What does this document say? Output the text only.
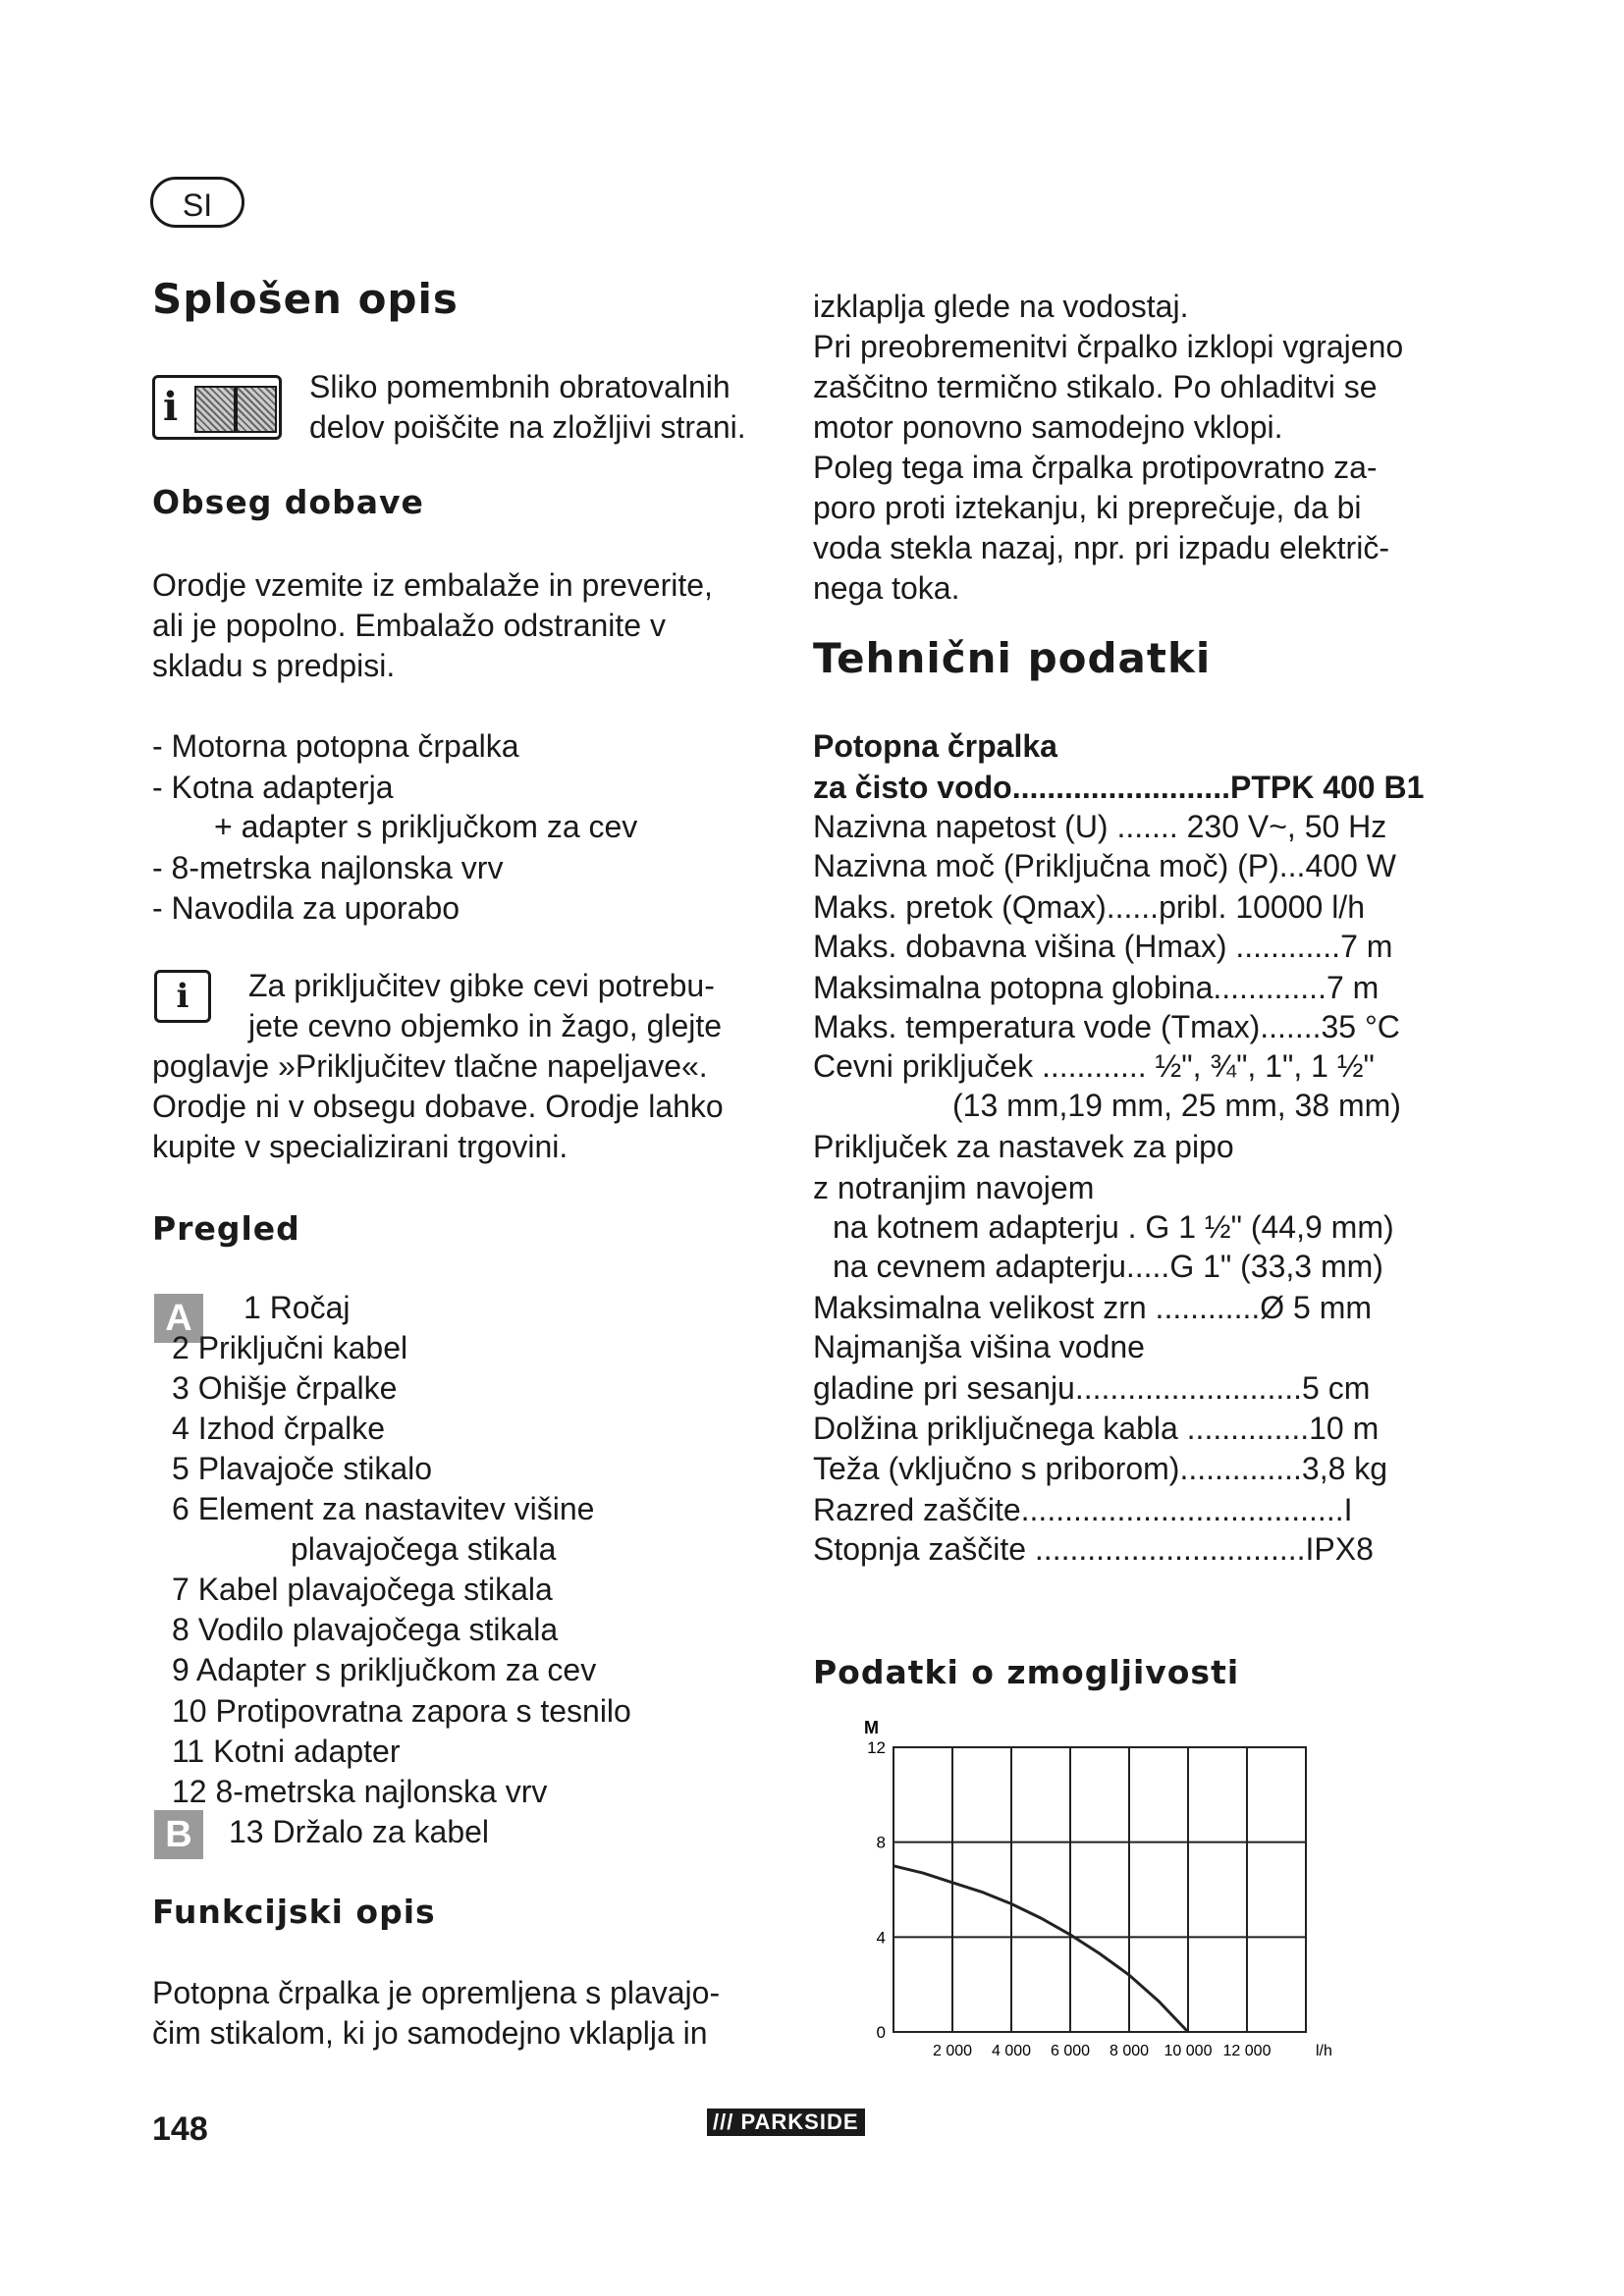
SI
Splošen opis
i	Sliko pomembnih obratovalnih
delov poiščite na zložljivi strani.
Obseg dobave
Orodje vzemite iz embalaže in preverite,
ali je popolno. Embalažo odstranite v
skladu s predpisi.
- Motorna potopna črpalka
- Kotna adapterja
+ adapter s priključkom za cev
- 8-metrska najlonska vrv
- Navodila za uporabo
i	Za priključitev gibke cevi potrebu-
jete cevno objemko in žago, glejte
poglavje »Priključitev tlačne napeljave«.
Orodje ni v obsegu dobave. Orodje lahko
kupite v specializirani trgovini.
Pregled
A
B
1 Ročaj
2 Priključni kabel
3 Ohišje črpalke
4 Izhod črpalke
5 Plavajoče stikalo
6 Element za nastavitev višine
plavajočega stikala
7 Kabel plavajočega stikala
8 Vodilo plavajočega stikala
9 Adapter s priključkom za cev
10 Protipovratna zapora s tesnilo
11 Kotni adapter
12 8-metrska najlonska vrv
13 Držalo za kabel
Funkcijski opis
Potopna črpalka je opremljena s plavajo-
čim stikalom, ki jo samodejno vklaplja in
izklaplja glede na vodostaj.
Pri preobremenitvi črpalko izklopi vgrajeno
zaščitno termično stikalo. Po ohladitvi se
motor ponovno samodejno vklopi.
Poleg tega ima črpalka protipovratno za-
poro proti iztekanju, ki preprečuje, da bi
voda stekla nazaj, npr. pri izpadu električ-
nega toka.
Tehnični podatki
Potopna črpalka
za čisto vodo.........................PTPK 400 B1
Nazivna napetost (U) ....... 230 V~, 50 Hz
Nazivna moč (Priključna moč) (P)...400 W
Maks. pretok (Qmax)......pribl. 10000 l/h
Maks. dobavna višina (Hmax) ............7 m
Maksimalna potopna globina.............7 m
Maks. temperatura vode (Tmax).......35 °C
Cevni priključek ............ ½", ¾", 1", 1 ½"
(13 mm,19 mm, 25 mm, 38 mm)
Priključek za nastavek za pipo
z notranjim navojem
na kotnem adapterju . G 1 ½" (44,9 mm)
na cevnem adapterju.....G 1" (33,3 mm)
Maksimalna velikost zrn ............Ø 5 mm
Najmanjša višina vodne
gladine pri sesanju..........................5 cm
Dolžina priključnega kabla ..............10 m
Teža (vključno s priborom)..............3,8 kg
Razred zaščite.....................................I
Stopnja zaščite ...............................IPX8
Podatki o zmogljivosti
0
4
8
12
2 000 4 000 6 000 8 000 10 000 12 000
M
l/h
148	/// PARKSIDE
